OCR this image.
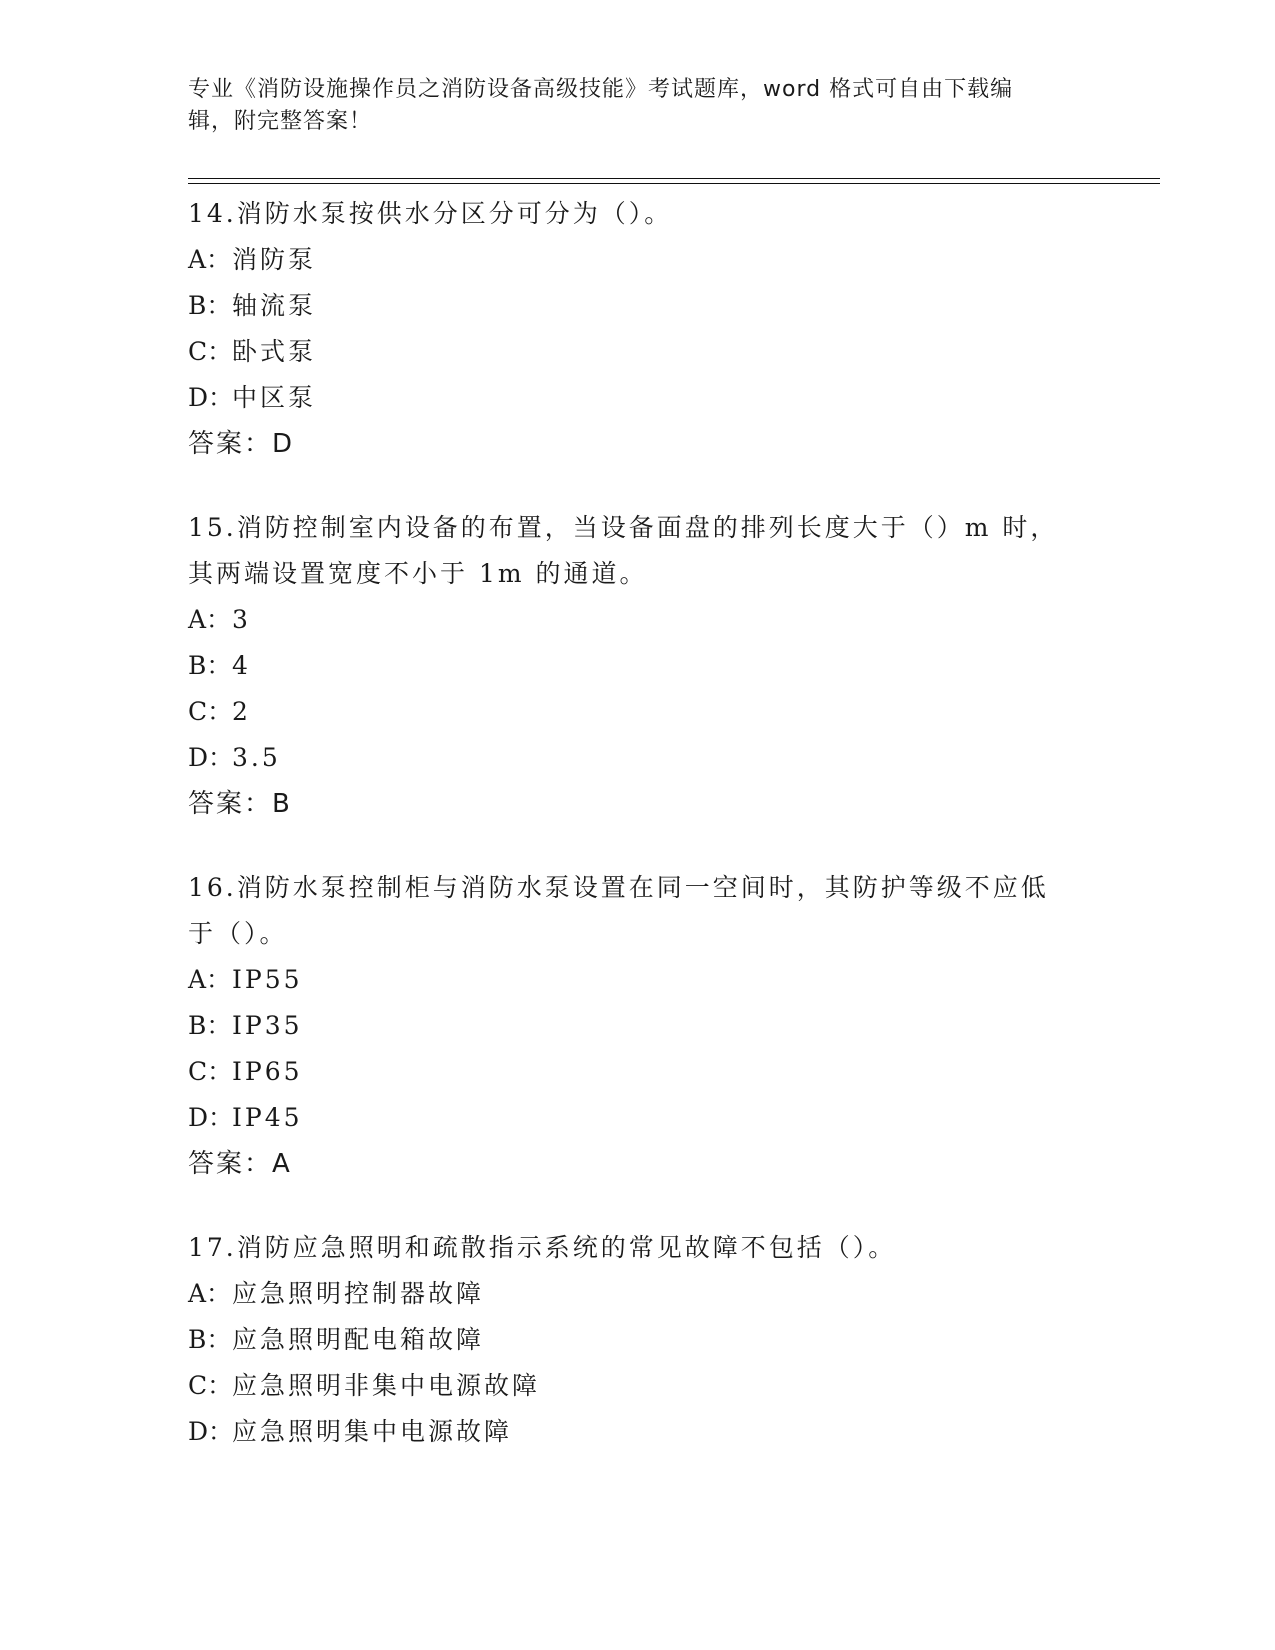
专业《消防设施操作员之消防设备高级技能》考试题库，word 格式可自由下载编
辑，附完整答案！
14.消防水泵按供水分区分可分为（）。
A：消防泵
B：轴流泵
C：卧式泵
D：中区泵
答案：D
15.消防控制室内设备的布置，当设备面盘的排列长度大于（）m 时，
其两端设置宽度不小于 1m 的通道。
A：3
B：4
C：2
D：3.5
答案：B
16.消防水泵控制柜与消防水泵设置在同一空间时，其防护等级不应低
于（）。
A：IP55
B：IP35
C：IP65
D：IP45
答案：A
17.消防应急照明和疏散指示系统的常见故障不包括（）。
A：应急照明控制器故障
B：应急照明配电箱故障
C：应急照明非集中电源故障
D：应急照明集中电源故障
